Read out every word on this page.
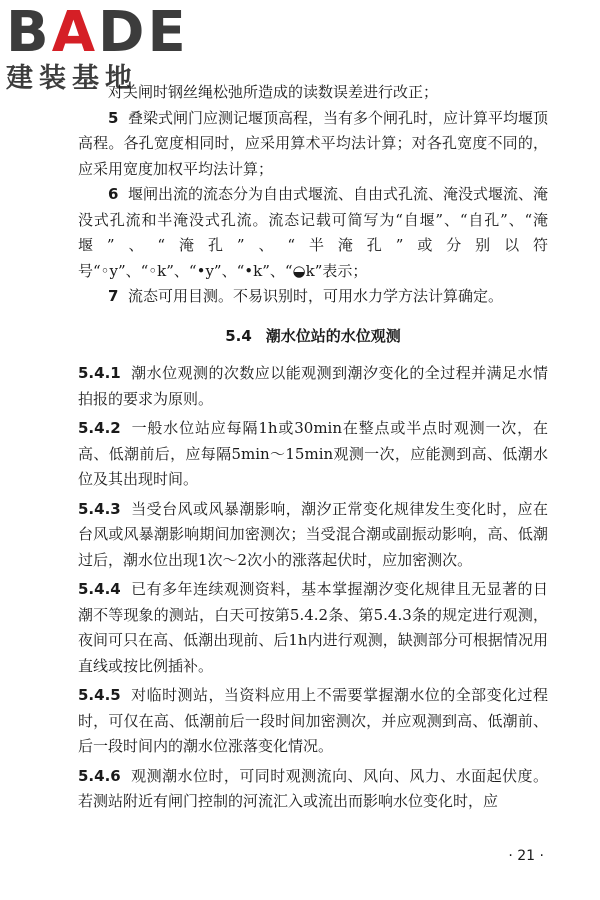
BADE
建装基地

对关闸时钢丝绳松弛所造成的读数误差进行改正；

5 叠梁式闸门应测记堰顶高程，当有多个闸孔时，应计算平均堰顶高程。各孔宽度相同时，应采用算术平均法计算；对各孔宽度不同的，应采用宽度加权平均法计算；

6 堰闸出流的流态分为自由式堰流、自由式孔流、淹没式堰流、淹没式孔流和半淹没式孔流。流态记载可简写为“自堰”、“自孔”、“淹堰”、“淹孔”、“半淹孔”或分别以符号“◦y”、“◦k”、“•y”、“•k”、“◒k”表示；

7 流态可用目测。不易识别时，可用水力学方法计算确定。

5.4 潮水位站的水位观测

5.4.1 潮水位观测的次数应以能观测到潮汐变化的全过程并满足水情拍报的要求为原则。

5.4.2 一般水位站应每隔1h或30min在整点或半点时观测一次，在高、低潮前后，应每隔5min～15min观测一次，应能测到高、低潮水位及其出现时间。

5.4.3 当受台风或风暴潮影响，潮汐正常变化规律发生变化时，应在台风或风暴潮影响期间加密测次；当受混合潮或副振动影响，高、低潮过后，潮水位出现1次～2次小的涨落起伏时，应加密测次。

5.4.4 已有多年连续观测资料，基本掌握潮汐变化规律且无显著的日潮不等现象的测站，白天可按第5.4.2条、第5.4.3条的规定进行观测，夜间可只在高、低潮出现前、后1h内进行观测，缺测部分可根据情况用直线或按比例插补。

5.4.5 对临时测站，当资料应用上不需要掌握潮水位的全部变化过程时，可仅在高、低潮前后一段时间加密测次，并应观测到高、低潮前、后一段时间内的潮水位涨落变化情况。

5.4.6 观测潮水位时，可同时观测流向、风向、风力、水面起伏度。若测站附近有闸门控制的河流汇入或流出而影响水位变化时，应

· 21 ·
